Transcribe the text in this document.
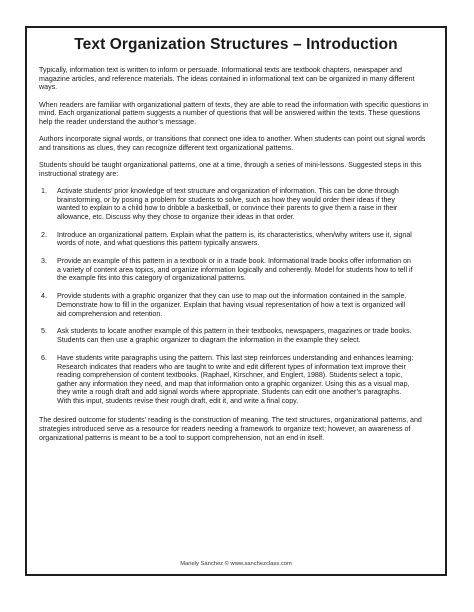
Text Organization Structures – Introduction

Typically, information text is written to inform or persuade. Informational texts are textbook chapters, newspaper and magazine articles, and reference materials. The ideas contained in informational text can be organized in many different ways.

When readers are familiar with organizational pattern of texts, they are able to read the information with specific questions in mind. Each organizational pattern suggests a number of questions that will be answered within the texts. These questions help the reader understand the author’s message.

Authors incorporate signal words, or transitions that connect one idea to another. When students can point out signal words and transitions as clues, they can recognize different text organizational patterns.

Students should be taught organizational patterns, one at a time, through a series of mini-lessons. Suggested steps in this instructional strategy are:

1.	Activate students’ prior knowledge of text structure and organization of information. This can be done through brainstorming, or by posing a problem for students to solve, such as how they would order their ideas if they wanted to explain to a child how to dribble a basketball, or convince their parents to give them a raise in their allowance, etc. Discuss why they chose to organize their ideas in that order.
2.	Introduce an organizational pattern. Explain what the pattern is, its characteristics, when/why writers use it, signal words of note, and what questions this pattern typically answers.
3.	Provide an example of this pattern in a textbook or in a trade book. Informational trade books offer information on a variety of content area topics, and organize information logically and coherently. Model for students how to tell if the example fits into this category of organizational patterns.
4.	Provide students with a graphic organizer that they can use to map out the information contained in the sample. Demonstrate how to fill in the organizer. Explain that having visual representation of how a text is organized will aid comprehension and retention.
5.	Ask students to locate another example of this pattern in their textbooks, newspapers, magazines or trade books. Students can then use a graphic organizer to diagram the information in the example they select.
6.	Have students write paragraphs using the pattern. This last step reinforces understanding and enhances learning: Research indicates that readers who are taught to write and edit different types of information text improve their reading comprehension of content textbooks. (Raphael, Kirschner, and Englert, 1988). Students select a topic, gather any information they need, and map that information onto a graphic organizer. Using this as a visual map, they write a rough draft and add signal words where appropriate. Students can edit one another’s paragraphs. With this input, students revise their rough draft, edit it, and write a final copy.

The desired outcome for students’ reading is the construction of meaning. The text structures, organizational patterns, and strategies introduced serve as a resource for readers needing a framework to organize text; however, an awareness of organizational patterns is meant to be a tool to support comprehension, not an end in itself.

Mariely Sanchez © www.sanchezclass.com
